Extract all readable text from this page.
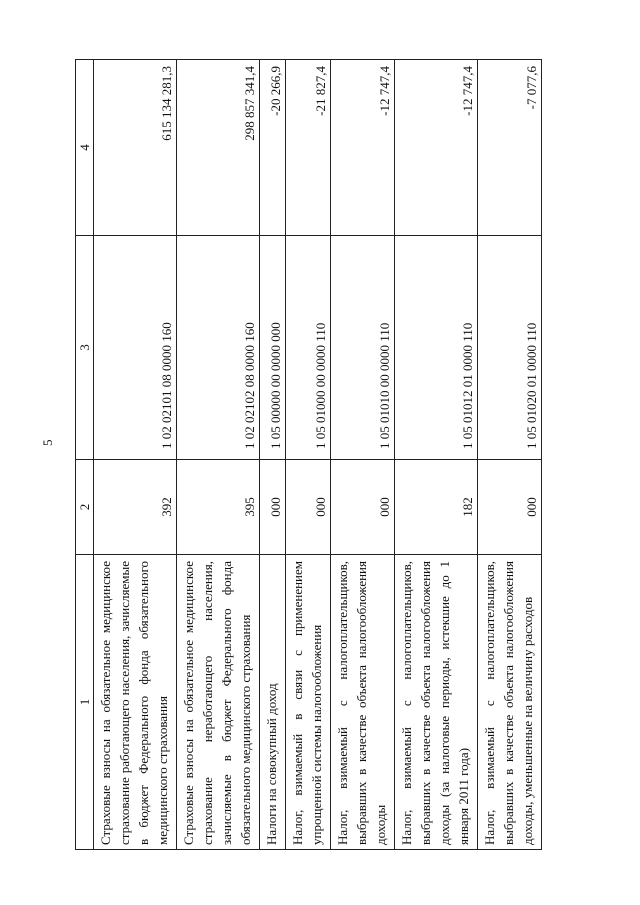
5
1	2	3	4
Страховые взносы на обязательное медицинское страхование работающего населения, зачисляемые в бюджет Федерального фонда обязательного медицинского страхования	392	1 02 02101 08 0000 160	615 134 281,3
Страховые взносы на обязательное медицинское страхование неработающего населения, зачисляемые в бюджет Федерального фонда обязательного медицинского страхования	395	1 02 02102 08 0000 160	298 857 341,4
Налоги на совокупный доход	000	1 05 00000 00 0000 000	-20 266,9
Налог, взимаемый в связи с применением упрощенной системы налогообложения	000	1 05 01000 00 0000 110	-21 827,4
Налог, взимаемый с налогоплательщиков, выбравших в качестве объекта налогообложения доходы	000	1 05 01010 00 0000 110	-12 747,4
Налог, взимаемый с налогоплательщиков, выбравших в качестве объекта налогообложения доходы (за налоговые периоды, истекшие до 1 января 2011 года)	182	1 05 01012 01 0000 110	-12 747,4
Налог, взимаемый с налогоплательщиков, выбравших в качестве объекта налогообложения доходы, уменьшенные на величину расходов	000	1 05 01020 01 0000 110	-7 077,6
